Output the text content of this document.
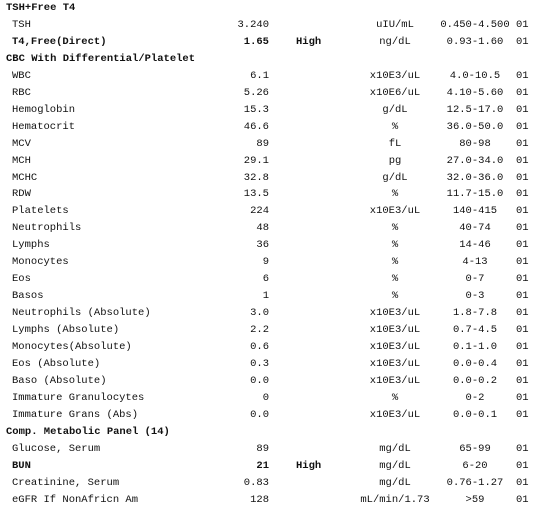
TSH+Free T4
TSH	3.240	uIU/mL	0.450-4.500 01
T4,Free(Direct)	1.65	High	ng/dL	0.93-1.60	01
CBC With Differential/Platelet
WBC	6.1	x10E3/uL	4.0-10.5	01
RBC	5.26	x10E6/uL	4.10-5.60	01
Hemoglobin	15.3	g/dL	12.5-17.0	01
Hematocrit	46.6	%	36.0-50.0	01
MCV	89	fL	80-98	01
MCH	29.1	pg	27.0-34.0	01
MCHC	32.8	g/dL	32.0-36.0	01
RDW	13.5	%	11.7-15.0	01
Platelets	224	x10E3/uL	140-415	01
Neutrophils	48	%	40-74	01
Lymphs	36	%	14-46	01
Monocytes	9	%	4-13	01
Eos	6	%	0-7	01
Basos	1	%	0-3	01
Neutrophils (Absolute)	3.0	x10E3/uL	1.8-7.8	01
Lymphs (Absolute)	2.2	x10E3/uL	0.7-4.5	01
Monocytes(Absolute)	0.6	x10E3/uL	0.1-1.0	01
Eos (Absolute)	0.3	x10E3/uL	0.0-0.4	01
Baso (Absolute)	0.0	x10E3/uL	0.0-0.2	01
Immature Granulocytes	0	%	0-2	01
Immature Grans (Abs)	0.0	x10E3/uL	0.0-0.1	01
Comp. Metabolic Panel (14)
Glucose, Serum	89	mg/dL	65-99	01
BUN	21	High	mg/dL	6-20	01
Creatinine, Serum	0.83	mg/dL	0.76-1.27	01
eGFR If NonAfricn Am	128	mL/min/1.73	>59	01
